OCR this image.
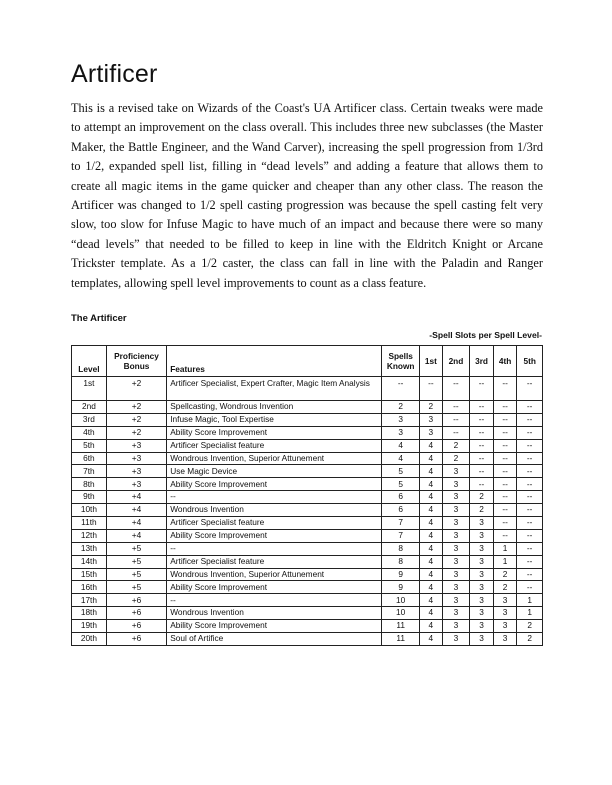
Artificer

This is a revised take on Wizards of the Coast's UA Artificer class. Certain tweaks were made to attempt an improvement on the class overall. This includes three new subclasses (the Master Maker, the Battle Engineer, and the Wand Carver), increasing the spell progression from 1/3rd to 1/2, expanded spell list, filling in “dead levels” and adding a feature that allows them to create all magic items in the game quicker and cheaper than any other class. The reason the Artificer was changed to 1/2 spell casting progression was because the spell casting felt very slow, too slow for Infuse Magic to have much of an impact and because there were so many “dead levels” that needed to be filled to keep in line with the Eldritch Knight or Arcane Trickster template. As a 1/2 caster, the class can fall in line with the Paladin and Ranger templates, allowing spell level improvements to count as a class feature.

The Artificer
-Spell Slots per Spell Level-
Level	Proficiency Bonus	Features	Spells Known	1st	2nd	3rd	4th	5th
1st	+2	Artificer Specialist, Expert Crafter, Magic Item Analysis	--	--	--	--	--	--
2nd	+2	Spellcasting, Wondrous Invention	2	2	--	--	--	--
3rd	+2	Infuse Magic, Tool Expertise	3	3	--	--	--	--
4th	+2	Ability Score Improvement	3	3	--	--	--	--
5th	+3	Artificer Specialist feature	4	4	2	--	--	--
6th	+3	Wondrous Invention, Superior Attunement	4	4	2	--	--	--
7th	+3	Use Magic Device	5	4	3	--	--	--
8th	+3	Ability Score Improvement	5	4	3	--	--	--
9th	+4	--	6	4	3	2	--	--
10th	+4	Wondrous Invention	6	4	3	2	--	--
11th	+4	Artificer Specialist feature	7	4	3	3	--	--
12th	+4	Ability Score Improvement	7	4	3	3	--	--
13th	+5	--	8	4	3	3	1	--
14th	+5	Artificer Specialist feature	8	4	3	3	1	--
15th	+5	Wondrous Invention, Superior Attunement	9	4	3	3	2	--
16th	+5	Ability Score Improvement	9	4	3	3	2	--
17th	+6	--	10	4	3	3	3	1
18th	+6	Wondrous Invention	10	4	3	3	3	1
19th	+6	Ability Score Improvement	11	4	3	3	3	2
20th	+6	Soul of Artifice	11	4	3	3	3	2
